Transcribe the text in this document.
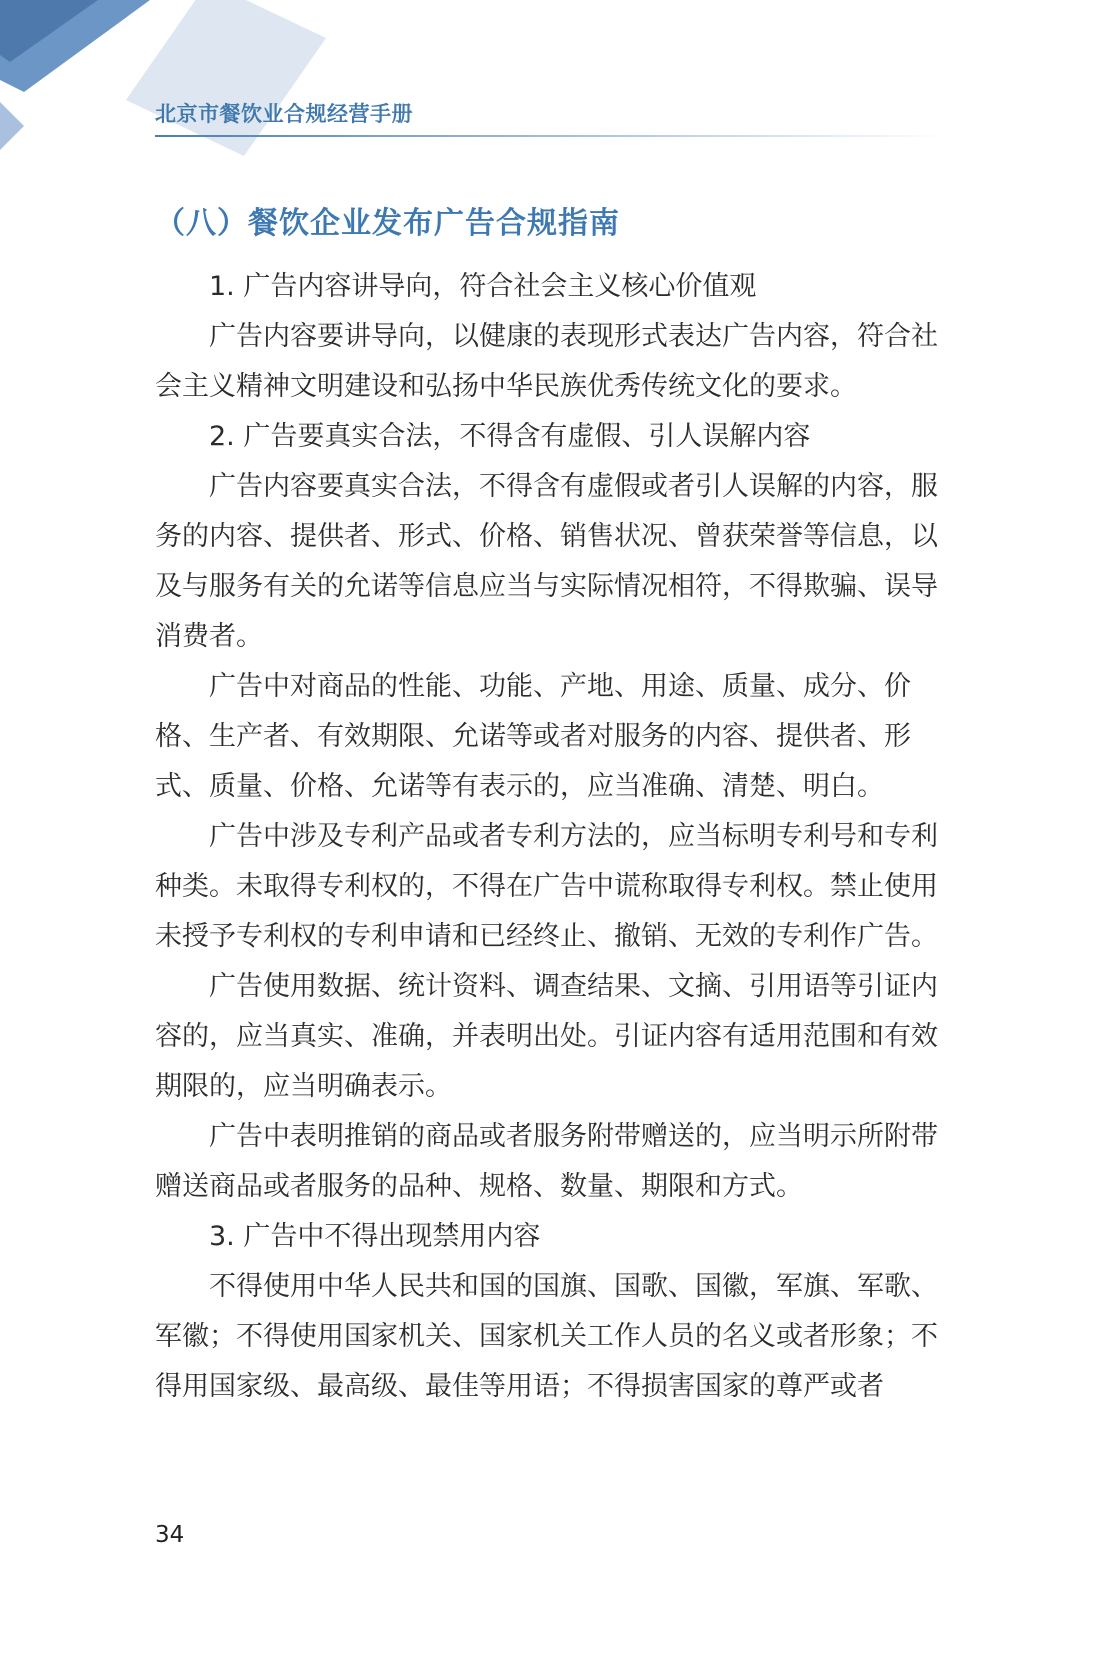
北京市餐饮业合规经营手册
（八）餐饮企业发布广告合规指南

1. 广告内容讲导向，符合社会主义核心价值观

广告内容要讲导向，以健康的表现形式表达广告内容，符合社会主义精神文明建设和弘扬中华民族优秀传统文化的要求。

2. 广告要真实合法，不得含有虚假、引人误解内容

广告内容要真实合法，不得含有虚假或者引人误解的内容，服务的内容、提供者、形式、价格、销售状况、曾获荣誉等信息，以及与服务有关的允诺等信息应当与实际情况相符，不得欺骗、误导消费者。

广告中对商品的性能、功能、产地、用途、质量、成分、价格、生产者、有效期限、允诺等或者对服务的内容、提供者、形式、质量、价格、允诺等有表示的，应当准确、清楚、明白。

广告中涉及专利产品或者专利方法的，应当标明专利号和专利种类。未取得专利权的，不得在广告中谎称取得专利权。禁止使用未授予专利权的专利申请和已经终止、撤销、无效的专利作广告。

广告使用数据、统计资料、调查结果、文摘、引用语等引证内容的，应当真实、准确，并表明出处。引证内容有适用范围和有效期限的，应当明确表示。

广告中表明推销的商品或者服务附带赠送的，应当明示所附带赠送商品或者服务的品种、规格、数量、期限和方式。

3. 广告中不得出现禁用内容

不得使用中华人民共和国的国旗、国歌、国徽，军旗、军歌、军徽；不得使用国家机关、国家机关工作人员的名义或者形象；不得用国家级、最高级、最佳等用语；不得损害国家的尊严或者

34
